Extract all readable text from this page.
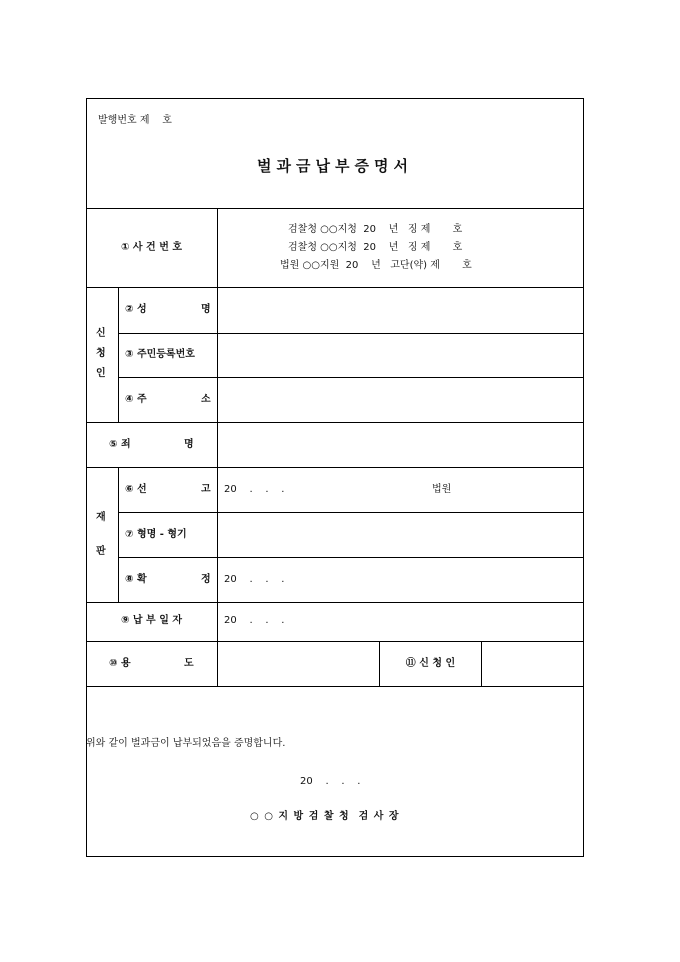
발행번호 제    호
벌과금납부증명서
① 사 건 번 호
검찰청 ○○지청  20    년   징 제       호
검찰청 ○○지청  20    년   징 제       호
법원 ○○지원  20    년   고단(약) 제       호
신
청
인
② 성	명
③ 주민등록번호
④ 주	소
⑤ 죄	명
재
판
⑥ 선	고 20    .    .    .	법원
⑦ 형명 - 형기
⑧ 확	정 20    .    .    .
⑨ 납 부 일 자	20    .    .    .
⑩ 용	도	⑪ 신 청 인
위와 같이 벌과금이 납부되었음을 증명합니다.
20    .    .    .
○ ○ 지 방 검 찰 청  검 사 장
